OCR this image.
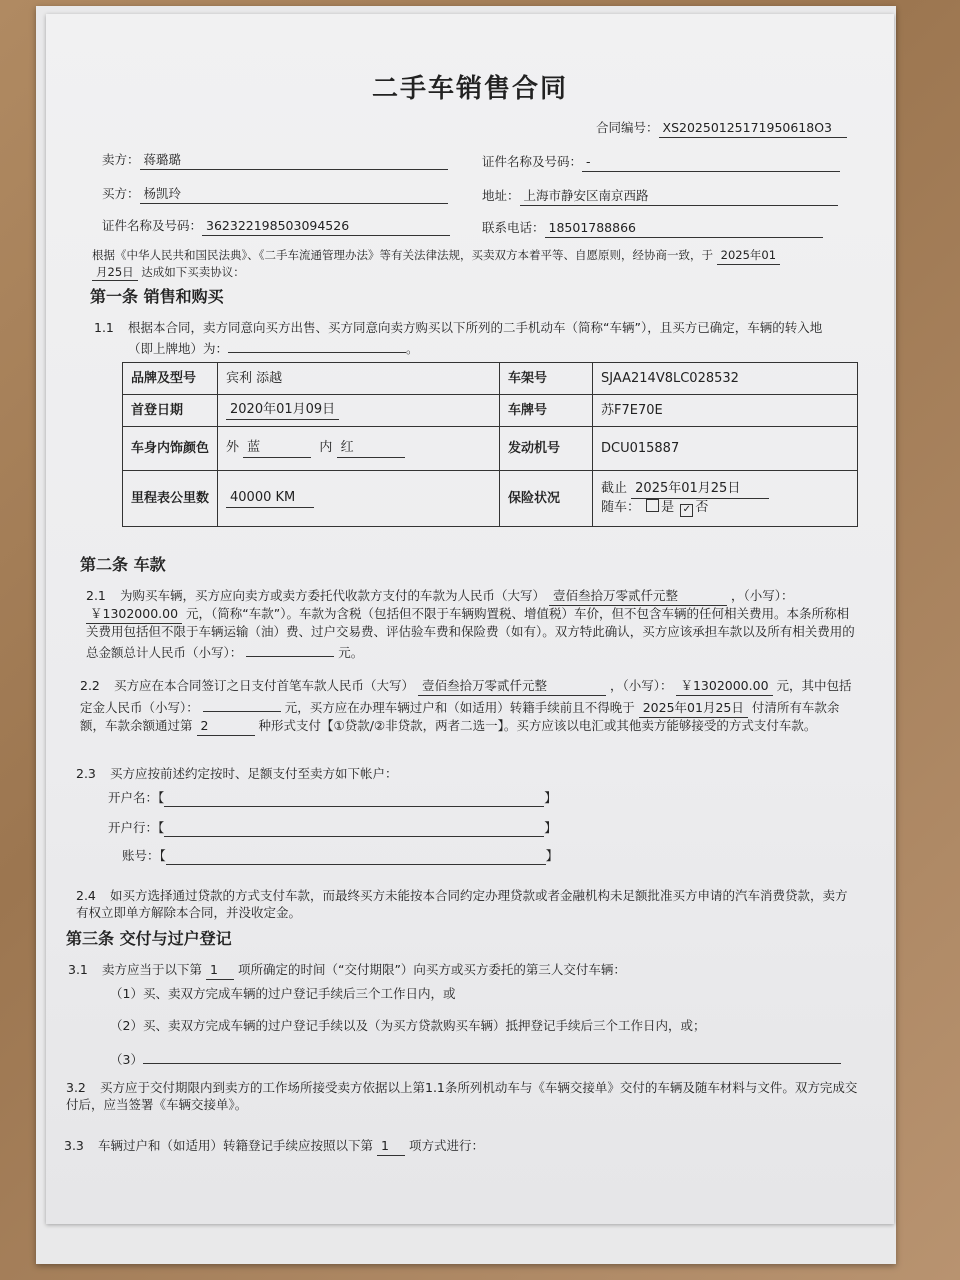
二手车销售合同
合同编号： XS20250125171950618O3
卖方： 蒋璐璐	证件名称及号码： -
买方： 杨凯玲	地址： 上海市静安区南京西路
证件名称及号码： 362322198503094526	联系电话： 18501788866
根据《中华人民共和国民法典》、《二手车流通管理办法》等有关法律法规，买卖双方本着平等、自愿原则，经协商一致，于 2025年01
月25日 达成如下买卖协议：
第一条 销售和购买
1.1 根据本合同，卖方同意向买方出售、买方同意向卖方购买以下所列的二手机动车（简称“车辆”），且买方已确定，车辆的转入地
（即上牌地）为：	。
品牌及型号	宾利 添越	车架号	SJAA214V8LC028532
首登日期	2020年01月09日	车牌号	苏F7E70E
车身内饰颜色	外 蓝 内 红	发动机号	DCU015887
里程表公里数	40000 KM	保险状况	截止 2025年01月25日
随车： 是 ✓ 否
第二条 车款
2.1 为购买车辆，买方应向卖方或卖方委托代收款方支付的车款为人民币（大写） 壹佰叁拾万零贰仟元整	，（小写）： ￥1302000.00 元，（简称“车款”）。车款为含税（包括但不限于车辆购置税、增值税）车价，但不包含车辆的任何相关费用。本条所称相关费用包括但不限于车辆运输（油）费、过户交易费、评估验车费和保险费（如有）。双方特此确认，买方应该承担车款以及所有相关费用的总金额总计人民币（小写）：	元。
2.2 买方应在本合同签订之日支付首笔车款人民币（大写） 壹佰叁拾万零贰仟元整	，（小写）： ￥1302000.00 元，其中包括定金人民币（小写）：	元，买方应在办理车辆过户和（如适用）转籍手续前且不得晚于 2025年01月25日 付清所有车款余额，车款余额通过第 2	种形式支付【①贷款/②非贷款，两者二选一】。买方应该以电汇或其他卖方能够接受的方式支付车款。
2.3 买方应按前述约定按时、足额支付至卖方如下帐户：
开户名：【	】
开户行：【	】
账号：【	】
2.4 如买方选择通过贷款的方式支付车款，而最终买方未能按本合同约定办理贷款或者金融机构未足额批准买方申请的汽车消费贷款，卖方有权立即单方解除本合同，并没收定金。
第三条 交付与过户登记
3.1 卖方应当于以下第 1 项所确定的时间（“交付期限”）向买方或买方委托的第三人交付车辆：
（1）买、卖双方完成车辆的过户登记手续后三个工作日内，或
（2）买、卖双方完成车辆的过户登记手续以及（为买方贷款购买车辆）抵押登记手续后三个工作日内，或；
（3）
3.2 买方应于交付期限内到卖方的工作场所接受卖方依据以上第1.1条所列机动车与《车辆交接单》交付的车辆及随车材料与文件。双方完成交付后，应当签署《车辆交接单》。
3.3 车辆过户和（如适用）转籍登记手续应按照以下第 1 项方式进行：
